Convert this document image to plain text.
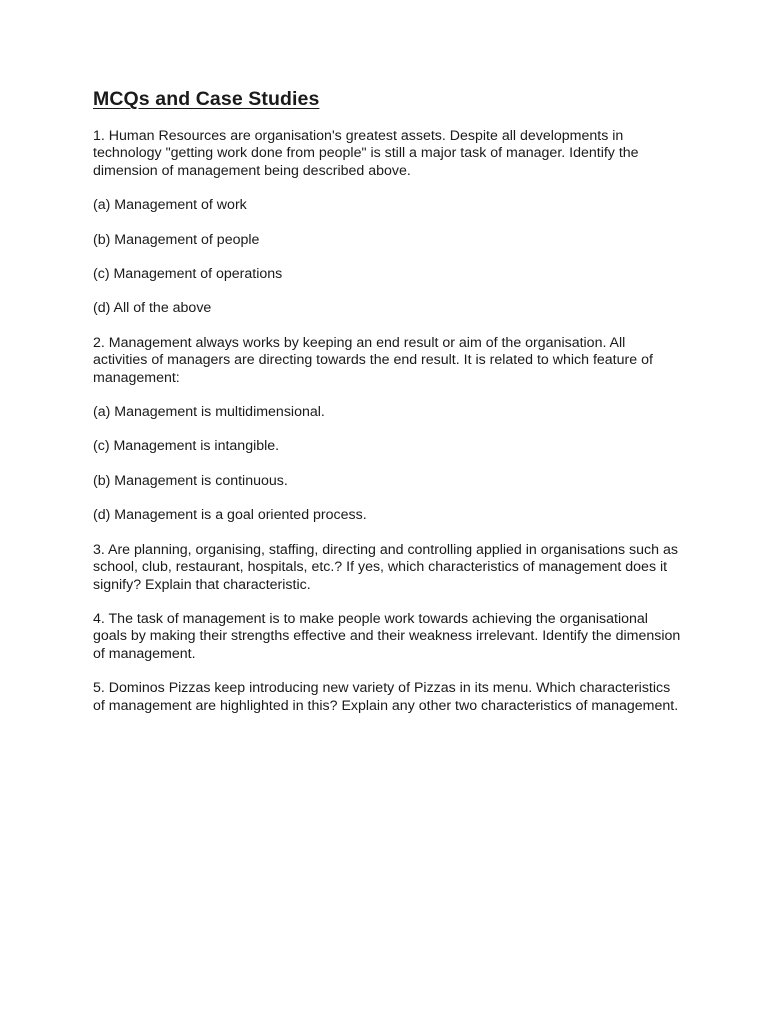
MCQs and Case Studies

1. Human Resources are organisation's greatest assets. Despite all developments in technology "getting work done from people" is still a major task of manager. Identify the dimension of management being described above.

(a) Management of work

(b) Management of people

(c) Management of operations

(d) All of the above

2. Management always works by keeping an end result or aim of the organisation. All activities of managers are directing towards the end result. It is related to which feature of management:

(a) Management is multidimensional.

(c) Management is intangible.

(b) Management is continuous.

(d) Management is a goal oriented process.

3. Are planning, organising, staffing, directing and controlling applied in organisations such as school, club, restaurant, hospitals, etc.? If yes, which characteristics of management does it signify? Explain that characteristic.

4. The task of management is to make people work towards achieving the organisational goals by making their strengths effective and their weakness irrelevant. Identify the dimension of management.

5. Dominos Pizzas keep introducing new variety of Pizzas in its menu. Which characteristics of management are highlighted in this? Explain any other two characteristics of management.
